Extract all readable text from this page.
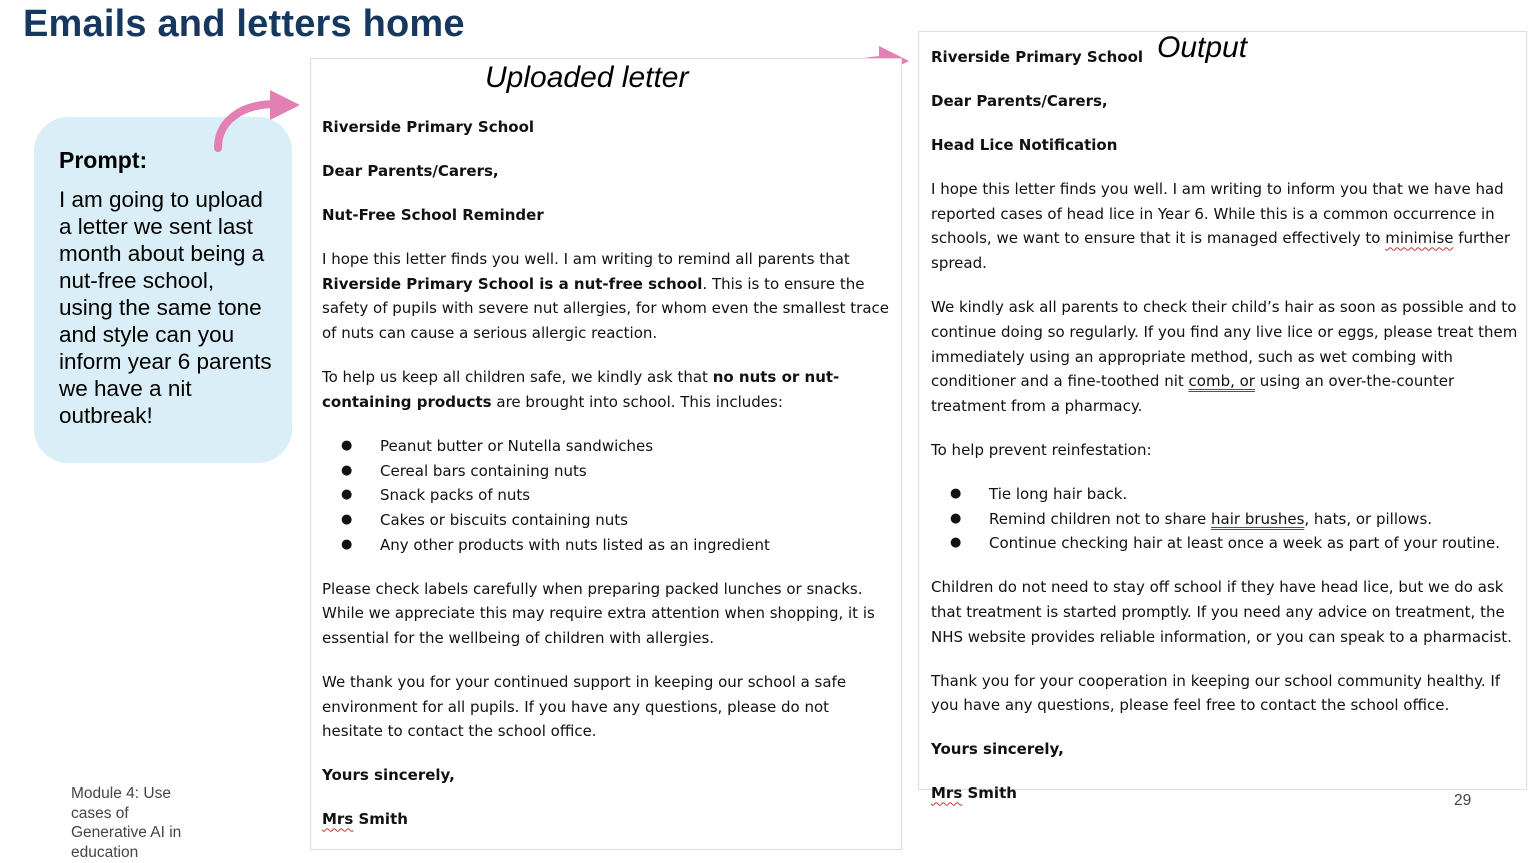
Emails and letters home
Prompt:
I am going to upload a letter we sent last month about being a nut-free school, using the same tone and style can you inform year 6 parents we have a nit outbreak!
Uploaded letter

Riverside Primary School

Dear Parents/Carers,

Nut-Free School Reminder

I hope this letter finds you well. I am writing to remind all parents that Riverside Primary School is a nut-free school. This is to ensure the safety of pupils with severe nut allergies, for whom even the smallest trace of nuts can cause a serious allergic reaction.

To help us keep all children safe, we kindly ask that no nuts or nut-containing products are brought into school. This includes:

● Peanut butter or Nutella sandwiches
● Cereal bars containing nuts
● Snack packs of nuts
● Cakes or biscuits containing nuts
● Any other products with nuts listed as an ingredient

Please check labels carefully when preparing packed lunches or snacks. While we appreciate this may require extra attention when shopping, it is essential for the wellbeing of children with allergies.

We thank you for your continued support in keeping our school a safe environment for all pupils. If you have any questions, please do not hesitate to contact the school office.

Yours sincerely,

Mrs Smith

Output

Riverside Primary School

Dear Parents/Carers,

Head Lice Notification

I hope this letter finds you well. I am writing to inform you that we have had reported cases of head lice in Year 6. While this is a common occurrence in schools, we want to ensure that it is managed effectively to minimise further spread.

We kindly ask all parents to check their child’s hair as soon as possible and to continue doing so regularly. If you find any live lice or eggs, please treat them immediately using an appropriate method, such as wet combing with conditioner and a fine-toothed nit comb, or using an over-the-counter treatment from a pharmacy.

To help prevent reinfestation:

● Tie long hair back.
● Remind children not to share hair brushes, hats, or pillows.
● Continue checking hair at least once a week as part of your routine.

Children do not need to stay off school if they have head lice, but we do ask that treatment is started promptly. If you need any advice on treatment, the NHS website provides reliable information, or you can speak to a pharmacist.

Thank you for your cooperation in keeping our school community healthy. If you have any questions, please feel free to contact the school office.

Yours sincerely,

Mrs Smith

Module 4: Use cases of Generative AI in education
29
